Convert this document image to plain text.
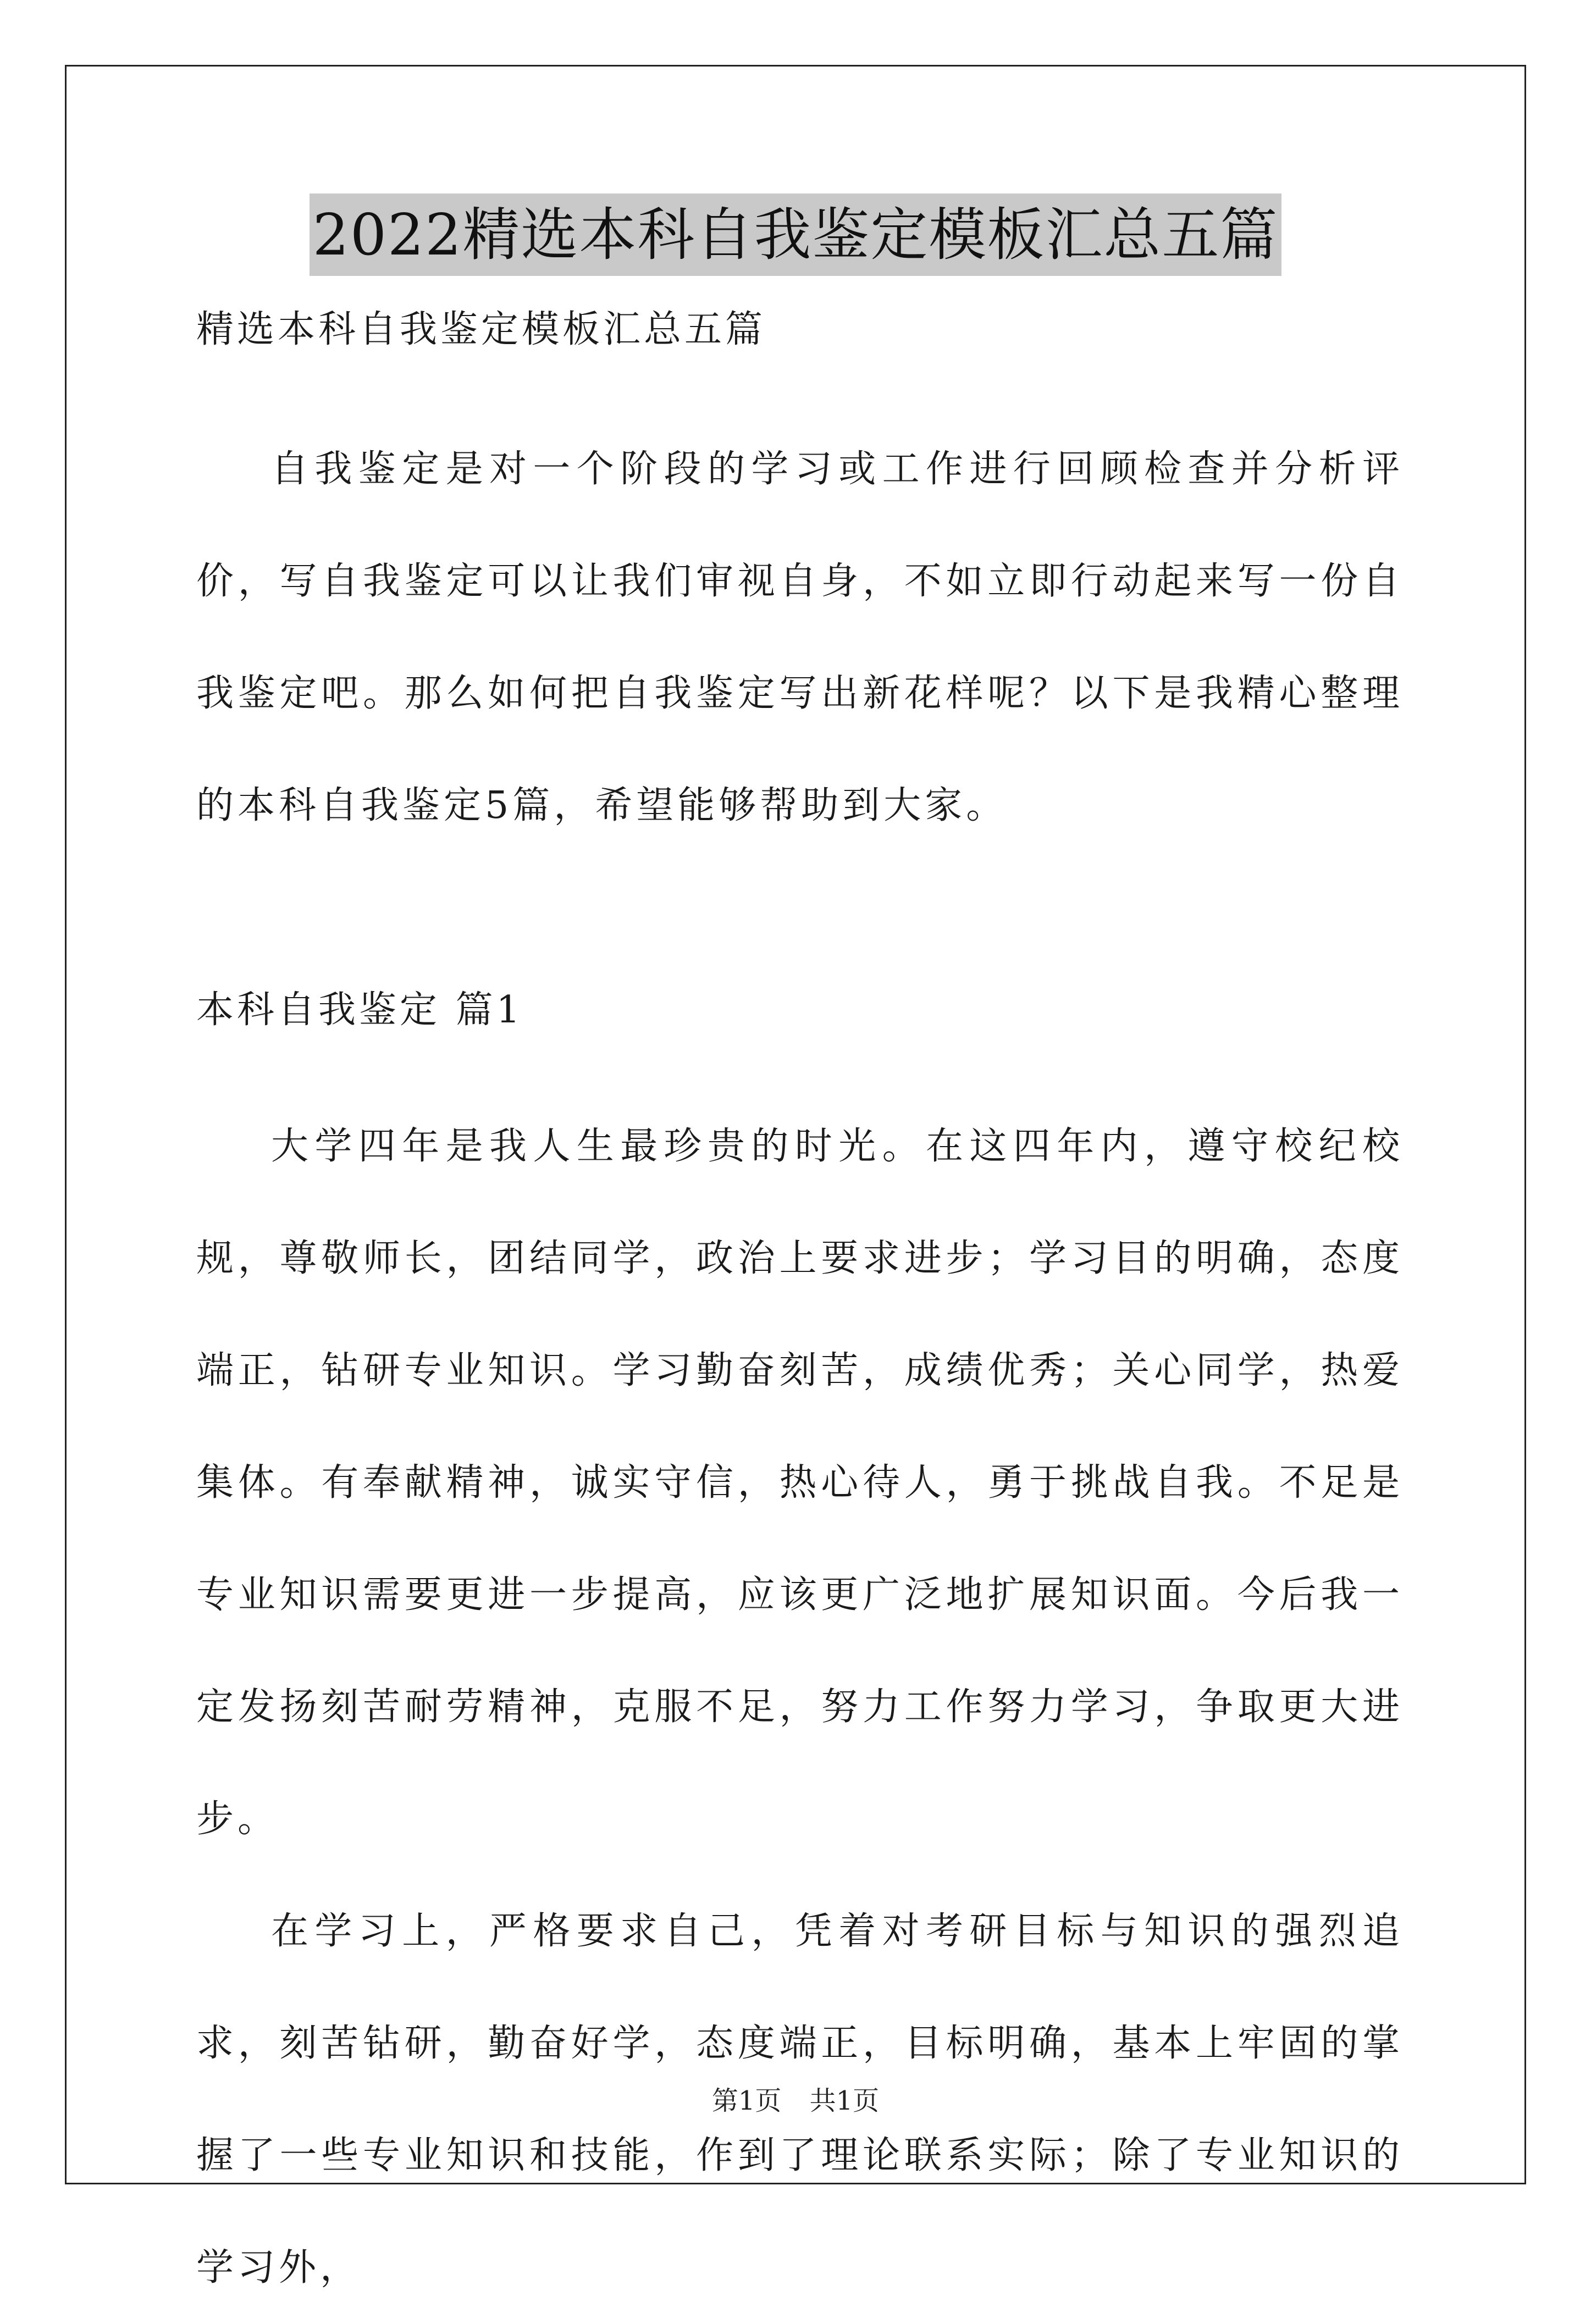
2022精选本科自我鉴定模板汇总五篇
精选本科自我鉴定模板汇总五篇

自我鉴定是对一个阶段的学习或工作进行回顾检查并分析评价，写自我鉴定可以让我们审视自身，不如立即行动起来写一份自我鉴定吧。那么如何把自我鉴定写出新花样呢？以下是我精心整理的本科自我鉴定5篇，希望能够帮助到大家。

本科自我鉴定 篇1

大学四年是我人生最珍贵的时光。在这四年内，遵守校纪校规，尊敬师长，团结同学，政治上要求进步；学习目的明确，态度端正，钻研专业知识。学习勤奋刻苦，成绩优秀；关心同学，热爱集体。有奉献精神，诚实守信，热心待人，勇于挑战自我。不足是专业知识需要更进一步提高，应该更广泛地扩展知识面。今后我一定发扬刻苦耐劳精神，克服不足，努力工作努力学习，争取更大进步。

在学习上，严格要求自己，凭着对考研目标与知识的强烈追求，刻苦钻研，勤奋好学，态度端正，目标明确，基本上牢固的掌握了一些专业知识和技能，作到了理论联系实际；除了专业知识的学习外，

第1页 共1页
